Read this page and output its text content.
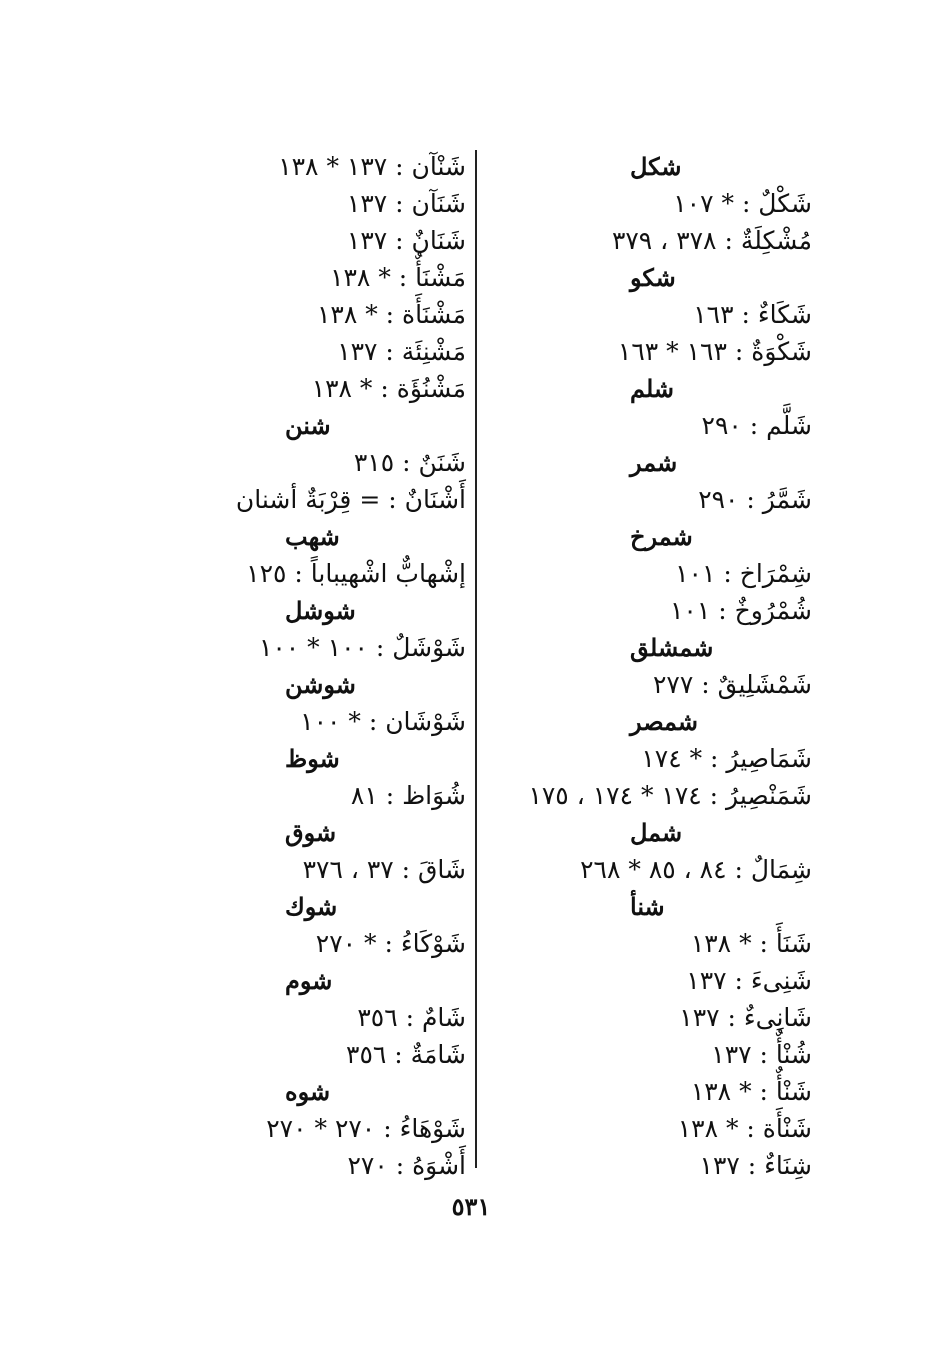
شكل
شَكْلٌ : * ١٠٧
مُشْكِلَةٌ : ٣٧٨ ، ٣٧٩
شكو
شَكَاءٌ : ١٦٣
شَكْوَةٌ : ١٦٣ * ١٦٣
شلم
شَلَّم : ٢٩٠
شمر
شَمَّرُ : ٢٩٠
شمرخ
شِمْرَاخ : ١٠١
شُمْرُوخٌ : ١٠١
شمشلق
شَمْشَلِيقٌ : ٢٧٧
شمصر
شَمَاصِيرُ : * ١٧٤
شَمَنْصِيرُ : ١٧٤ * ١٧٤ ، ١٧٥
شمل
شِمَالٌ : ٨٤ ، ٨٥ * ٢٦٨
شنأ
شَنَأَ : * ١٣٨
شَنِىءَ : ١٣٧
شَانِىءٌ : ١٣٧
شُنْأٌ : ١٣٧
شَنْأٌ : * ١٣٨
شَنْأَة : * ١٣٨
شِنَاءٌ : ١٣٧
شَنْآن : ١٣٧ * ١٣٨
شَنَآن : ١٣٧
شَنَانٌ : ١٣٧
مَشْنَأٌ : * ١٣٨
مَشْنَأَة : * ١٣٨
مَشْنِئَة : ١٣٧
مَشْنُؤَة : * ١٣٨
شنن
شَنَنٌ : ٣١٥
أَشْنَانٌ : = قِرْبَةٌ أشنان
شهب
إشْهابٌّ اشْهيباباً : ١٢٥
شوشل
شَوْشَلٌ : ١٠٠ * ١٠٠
شوشن
شَوْشَان : * ١٠٠
شوظ
شُوَاظ : ٨١
شوق
شَاقَ : ٣٧ ، ٣٧٦
شوك
شَوْكَاءُ : * ٢٧٠
شوم
شَامٌ : ٣٥٦
شَامَةٌ : ٣٥٦
شوه
شَوْهَاءُ : ٢٧٠ * ٢٧٠
أَشْوَهُ : ٢٧٠
٥٣١
